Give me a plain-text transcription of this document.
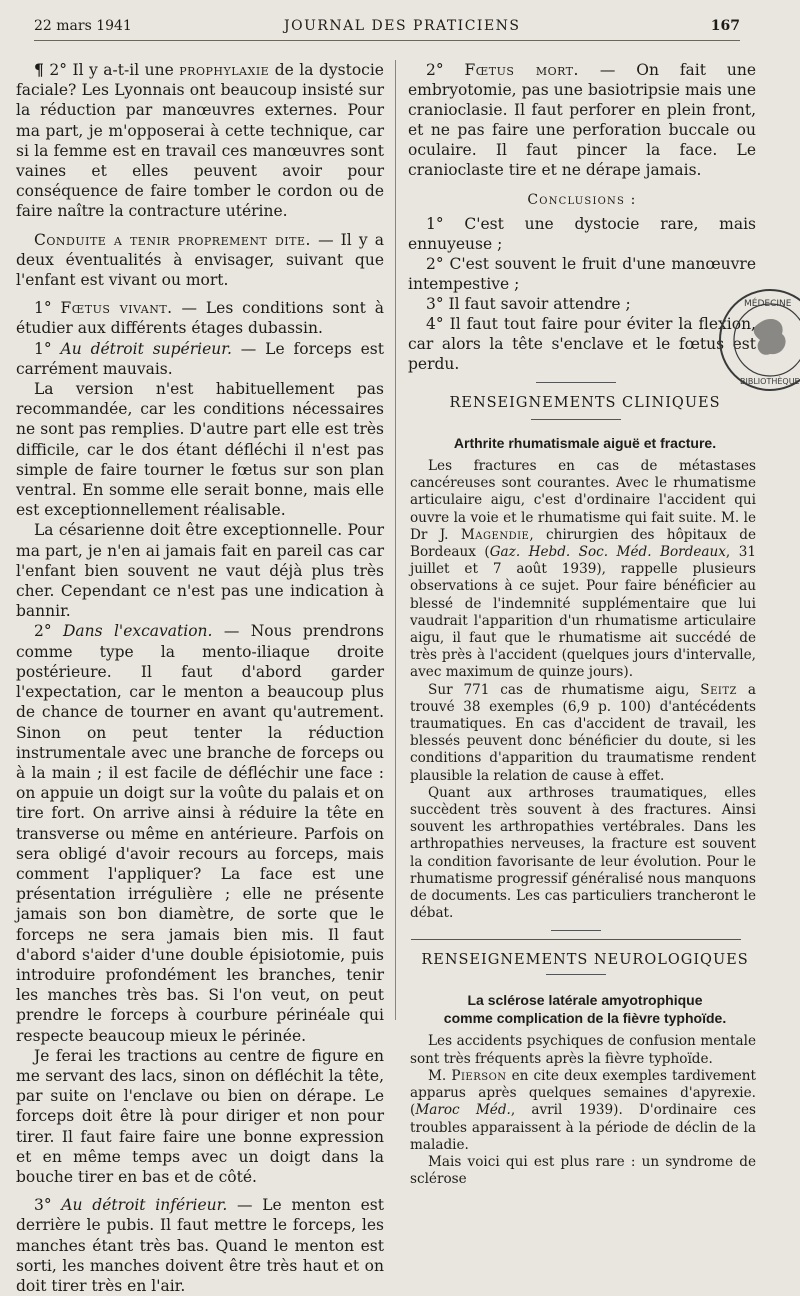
22 mars 1941	JOURNAL DES PRATICIENS	167

¶ 2° Il y a-t-il une prophylaxie de la dystocie faciale? Les Lyonnais ont beaucoup insisté sur la réduction par manœuvres externes. Pour ma part, je m'opposerai à cette technique, car si la femme est en travail ces manœuvres sont vaines et elles peuvent avoir pour conséquence de faire tomber le cordon ou de faire naître la contracture utérine.

Conduite a tenir proprement dite. — Il y a deux éventualités à envisager, suivant que l'enfant est vivant ou mort.

1° Fœtus vivant. — Les conditions sont à étudier aux différents étages dubassin.

1° Au détroit supérieur. — Le forceps est carrément mauvais.

La version n'est habituellement pas recommandée, car les conditions nécessaires ne sont pas remplies. D'autre part elle est très difficile, car le dos étant défléchi il n'est pas simple de faire tourner le fœtus sur son plan ventral. En somme elle serait bonne, mais elle est exceptionnellement réalisable.

La césarienne doit être exceptionnelle. Pour ma part, je n'en ai jamais fait en pareil cas car l'enfant bien souvent ne vaut déjà plus très cher. Cependant ce n'est pas une indication à bannir.

2° Dans l'excavation. — Nous prendrons comme type la mento-iliaque droite postérieure. Il faut d'abord garder l'expectation, car le menton a beaucoup plus de chance de tourner en avant qu'autrement. Sinon on peut tenter la réduction instrumentale avec une branche de forceps ou à la main ; il est facile de défléchir une face : on appuie un doigt sur la voûte du palais et on tire fort. On arrive ainsi à réduire la tête en transverse ou même en antérieure. Parfois on sera obligé d'avoir recours au forceps, mais comment l'appliquer? La face est une présentation irrégulière ; elle ne présente jamais son bon diamètre, de sorte que le forceps ne sera jamais bien mis. Il faut d'abord s'aider d'une double épisiotomie, puis introduire profondément les branches, tenir les manches très bas. Si l'on veut, on peut prendre le forceps à courbure périnéale qui respecte beaucoup mieux le périnée.

Je ferai les tractions au centre de figure en me servant des lacs, sinon on défléchit la tête, par suite on l'enclave ou bien on dérape. Le forceps doit être là pour diriger et non pour tirer. Il faut faire faire une bonne expression et en même temps avec un doigt dans la bouche tirer en bas et de côté.

3° Au détroit inférieur. — Le menton est derrière le pubis. Il faut mettre le forceps, les manches étant très bas. Quand le menton est sorti, les manches doivent être très haut et on doit tirer très en l'air.

2° Fœtus mort. — On fait une embryotomie, pas une basiotripsie mais une cranioclasie. Il faut perforer en plein front, et ne pas faire une perforation buccale ou oculaire. Il faut pincer la face. Le cranioclaste tire et ne dérape jamais.

Conclusions :

1° C'est une dystocie rare, mais ennuyeuse ;

2° C'est souvent le fruit d'une manœuvre intempestive ;

3° Il faut savoir attendre ;

4° Il faut tout faire pour éviter la flexion, car alors la tête s'enclave et le fœtus est perdu.

RENSEIGNEMENTS CLINIQUES

Arthrite rhumatismale aiguë et fracture.

Les fractures en cas de métastases cancéreuses sont courantes. Avec le rhumatisme articulaire aigu, c'est d'ordinaire l'accident qui ouvre la voie et le rhumatisme qui fait suite. M. le Dr J. Magendie, chirurgien des hôpitaux de Bordeaux (Gaz. Hebd. Soc. Méd. Bordeaux, 31 juillet et 7 août 1939), rappelle plusieurs observations à ce sujet. Pour faire bénéficier au blessé de l'indemnité supplémentaire que lui vaudrait l'apparition d'un rhumatisme articulaire aigu, il faut que le rhumatisme ait succédé de très près à l'accident (quelques jours d'intervalle, avec maximum de quinze jours).

Sur 771 cas de rhumatisme aigu, Seitz a trouvé 38 exemples (6,9 p. 100) d'antécédents traumatiques. En cas d'accident de travail, les blessés peuvent donc bénéficier du doute, si les conditions d'apparition du traumatisme rendent plausible la relation de cause à effet.

Quant aux arthroses traumatiques, elles succèdent très souvent à des fractures. Ainsi souvent les arthropathies vertébrales. Dans les arthropathies nerveuses, la fracture est souvent la condition favorisante de leur évolution. Pour le rhumatisme progressif généralisé nous manquons de documents. Les cas particuliers trancheront le débat.

RENSEIGNEMENTS NEUROLOGIQUES

La sclérose latérale amyotrophique

comme complication de la fièvre typhoïde.

Les accidents psychiques de confusion mentale sont très fréquents après la fièvre typhoïde.

M. Pierson en cite deux exemples tardivement apparus après quelques semaines d'apyrexie. (Maroc Méd., avril 1939). D'ordinaire ces troubles apparaissent à la période de déclin de la maladie.

Mais voici qui est plus rare : un syndrome de sclérose

MÉDECINE
BIBLIOTHÈQUE
